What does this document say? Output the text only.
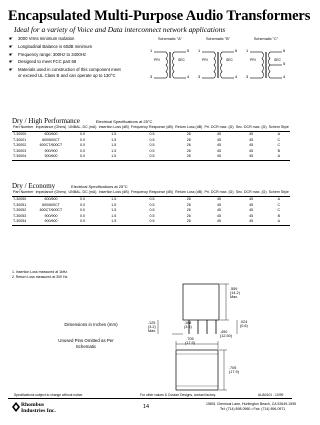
Encapsulated Multi-Purpose Audio Transformers
Ideal for a variety of Voice and Data interconnect network applications
☛	3000 Vrms minimum Isolation
☛	Longitudinal Balance is 60dB minimum
☛	Frequency range: 300Hz to 3400Hz
☛	Designed to meet FCC part 68
☛	Materials used in construction of this component meet or exceed UL Class B and can operate up to 130°C
Schematic "A"
1
3
5
4
PRI	SEC
Schematic "B"
1
3
6
4
PRI	SEC
Schematic "C"
1
3
6
5
4
PRI	SEC
Dry / High Performance	Electrical Specifications at 25°C
Part Number	Impedance (Ohms)	UNBAL. DC (mA)	Insertion Loss (dB)	Frequency Response (dB)	Return Loss (dB)	Pri. DCR max. (Ω)	Sec. DCR max. (Ω)	Schem Style
T-30000	600/600	0.0	1.5	0.5	26	45	45	A
T-30001	600/600CT	0.0	1.5	0.5	26	45	45	C
T-30002	600CT/600CT	0.0	1.5	0.5	26	45	45	C
T-30003	900/900	0.0	1.5	0.5	26	45	45	B
T-30004	900/600	0.0	1.5	0.5	26	45	45	A
Dry / Economy	Electrical Specifications at 25°C
Part Number	Impedance (Ohms)	UNBAL. DC (mA)	Insertion Loss (dB)	Frequency Response (dB)	Return Loss (dB)	Pri. DCR max. (Ω)	Sec. DCR max. (Ω)	Schem Style
T-30050	600/600	0.0	1.5	0.5	26	45	45	A
T-30051	600/600CT	0.0	1.5	0.5	26	45	45	C
T-30052	600CT/600CT	0.0	1.5	0.5	26	45	45	C
T-30053	900/900	0.0	1.5	0.5	26	45	45	B
T-30054	900/600	0.0	1.5	0.5	26	45	45	A
1. Insertion Loss measured at 1kHz.
2. Return Loss measured at 300 Hz.
Dimensions in Inches (mm)
Unused Pins Omitted as Per Schematic
.559
(14.2)
Max.
.024
(0.6)
.125
(3.2)
Max.
.168
(3.5)
.490
(12.50)
.705
(17.9)
.705
(17.9)
Specifications subject to change without notice.	For other values & Custom Designs, contact factory.	AUA0101 - 10/99
Rhombus
Industries Inc.
14	15801 Chemical Lane, Huntington Beach, CA 92649-1595
Tel: (714) 898-0960 • Fax: (714) 896-0971
